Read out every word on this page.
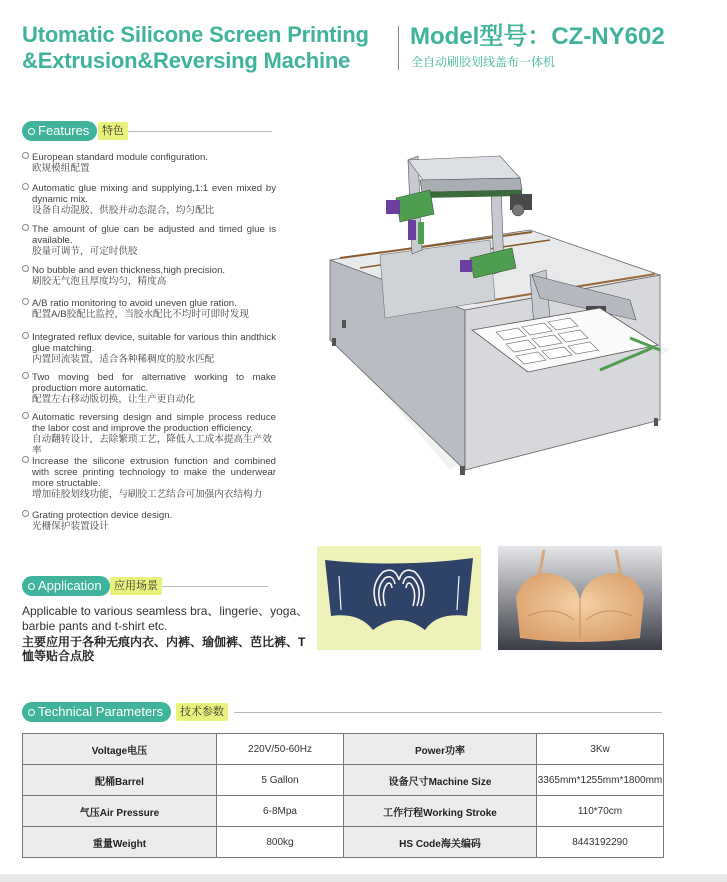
Utomatic Silicone Screen Printing
&Extrusion&Reversing Machine
Model型号：CZ-NY602
全自动刷胶划线盖布一体机
Features	特色
European standard module configuration.
欧规模组配置
Automatic glue mixing and supplying,1:1 even mixed by dynamic mix.
设备自动混胶、供胶并动态混合，均匀配比
The amount of glue can be adjusted and timed glue is available.
胶量可调节，可定时供胶
No bubble and even thickness,high precision.
刷胶无气泡且厚度均匀，精度高
A/B ratio monitoring to avoid uneven glue ration.
配置A/B胶配比监控，当胶水配比不均时可即时发现
Integrated reflux device, suitable for various thin andthick glue matching.
内置回流装置，适合各种稀稠度的胶水匹配
Two moving bed for alternative working to make production more automatic.
配置左右移动版切换，让生产更自动化
Automatic reversing design and simple process reduce the labor cost and improve the production efficiency.
自动翻转设计，去除繁琐工艺，降低人工成本提高生产效率
Increase the silicone extrusion function and combined with scree printing technology to make the underwear more structable.
增加硅胶划线功能，与刷胶工艺结合可加强内衣结构力
Grating protection device design.
光栅保护装置设计
Application	应用场景
Applicable to various seamless bra、lingerie、yoga、barbie pants and t-shirt etc.
主要应用于各种无痕内衣、内裤、瑜伽裤、芭比裤、T恤等贴合点胶
Technical Parameters	技术参数
Voltage电压	220V/50-60Hz	Power功率	3Kw
配桶Barrel	5 Gallon	设备尺寸Machine Size	3365mm*1255mm*1800mm
气压Air Pressure	6-8Mpa	工作行程Working Stroke	110*70cm
重量Weight	800kg	HS Code海关编码	8443192290
